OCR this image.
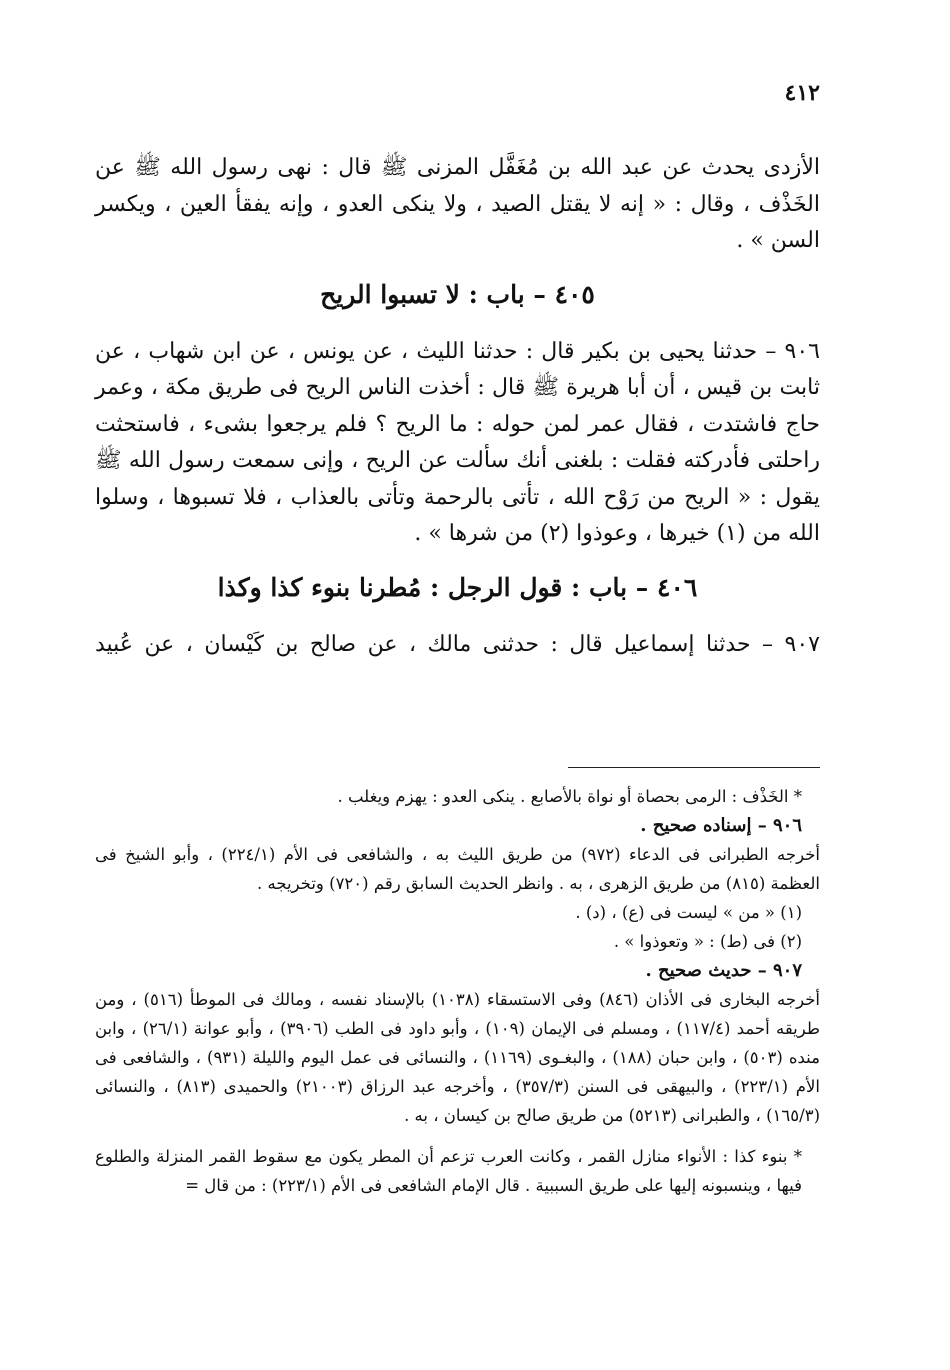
٤١٢

الأزدى يحدث عن عبد الله بن مُغَفَّل المزنى ﷺ قال : نهى رسول الله ﷺ عن الخَذْف ، وقال : « إنه لا يقتل الصيد ، ولا ينكى العدو ، وإنه يفقأ العين ، ويكسر السن » .

٤٠٥ – باب : لا تسبوا الريح

٩٠٦ – حدثنا يحيى بن بكير قال : حدثنا الليث ، عن يونس ، عن ابن شهاب ، عن ثابت بن قيس ، أن أبا هريرة ﷺ قال : أخذت الناس الريح فى طريق مكة ، وعمر حاج فاشتدت ، فقال عمر لمن حوله : ما الريح ؟ فلم يرجعوا بشىء ، فاستحثت راحلتى فأدركته فقلت : بلغنى أنك سألت عن الريح ، وإنى سمعت رسول الله ﷺ يقول : « الريح من رَوْح الله ، تأتى بالرحمة وتأتى بالعذاب ، فلا تسبوها ، وسلوا الله من (١) خيرها ، وعوذوا (٢) من شرها » .

٤٠٦ – باب : قول الرجل : مُطرنا بنوء كذا وكذا

٩٠٧ – حدثنا إسماعيل قال : حدثنى مالك ، عن صالح بن كَيْسان ، عن عُبيد

* الخَذْف : الرمى بحصاة أو نواة بالأصابع . ينكى العدو : يهزم ويغلب .

٩٠٦ – إسناده صحيح .

أخرجه الطبرانى فى الدعاء (٩٧٢) من طريق الليث به ، والشافعى فى الأم (٢٢٤/١) ، وأبو الشيخ فى العظمة (٨١٥) من طريق الزهرى ، به . وانظر الحديث السابق رقم (٧٢٠) وتخريجه .

(١) « من » ليست فى (ع) ، (د) .

(٢) فى (ط) : « وتعوذوا » .

٩٠٧ – حديث صحيح .

أخرجه البخارى فى الأذان (٨٤٦) وفى الاستسقاء (١٠٣٨) بالإسناد نفسه ، ومالك فى الموطأ (٥١٦) ، ومن طريقه أحمد (١١٧/٤) ، ومسلم فى الإيمان (١٠٩) ، وأبو داود فى الطب (٣٩٠٦) ، وأبو عوانة (٢٦/١) ، وابن منده (٥٠٣) ، وابن حبان (١٨٨) ، والبغـوى (١١٦٩) ، والنسائى فى عمل اليوم والليلة (٩٣١) ، والشافعى فى الأم (٢٢٣/١) ، والبيهقى فى السنن (٣٥٧/٣) ، وأخرجه عبد الرزاق (٢١٠٠٣) والحميدى (٨١٣) ، والنسائى (١٦٥/٣) ، والطبرانى (٥٢١٣) من طريق صالح بن كيسان ، به .

* بنوء كذا : الأنواء منازل القمر ، وكانت العرب تزعم أن المطر يكون مع سقوط القمر المنزلة والطلوع فيها ، وينسبونه إليها على طريق السببية . قال الإمام الشافعى فى الأم (٢٢٣/١) : من قال =
